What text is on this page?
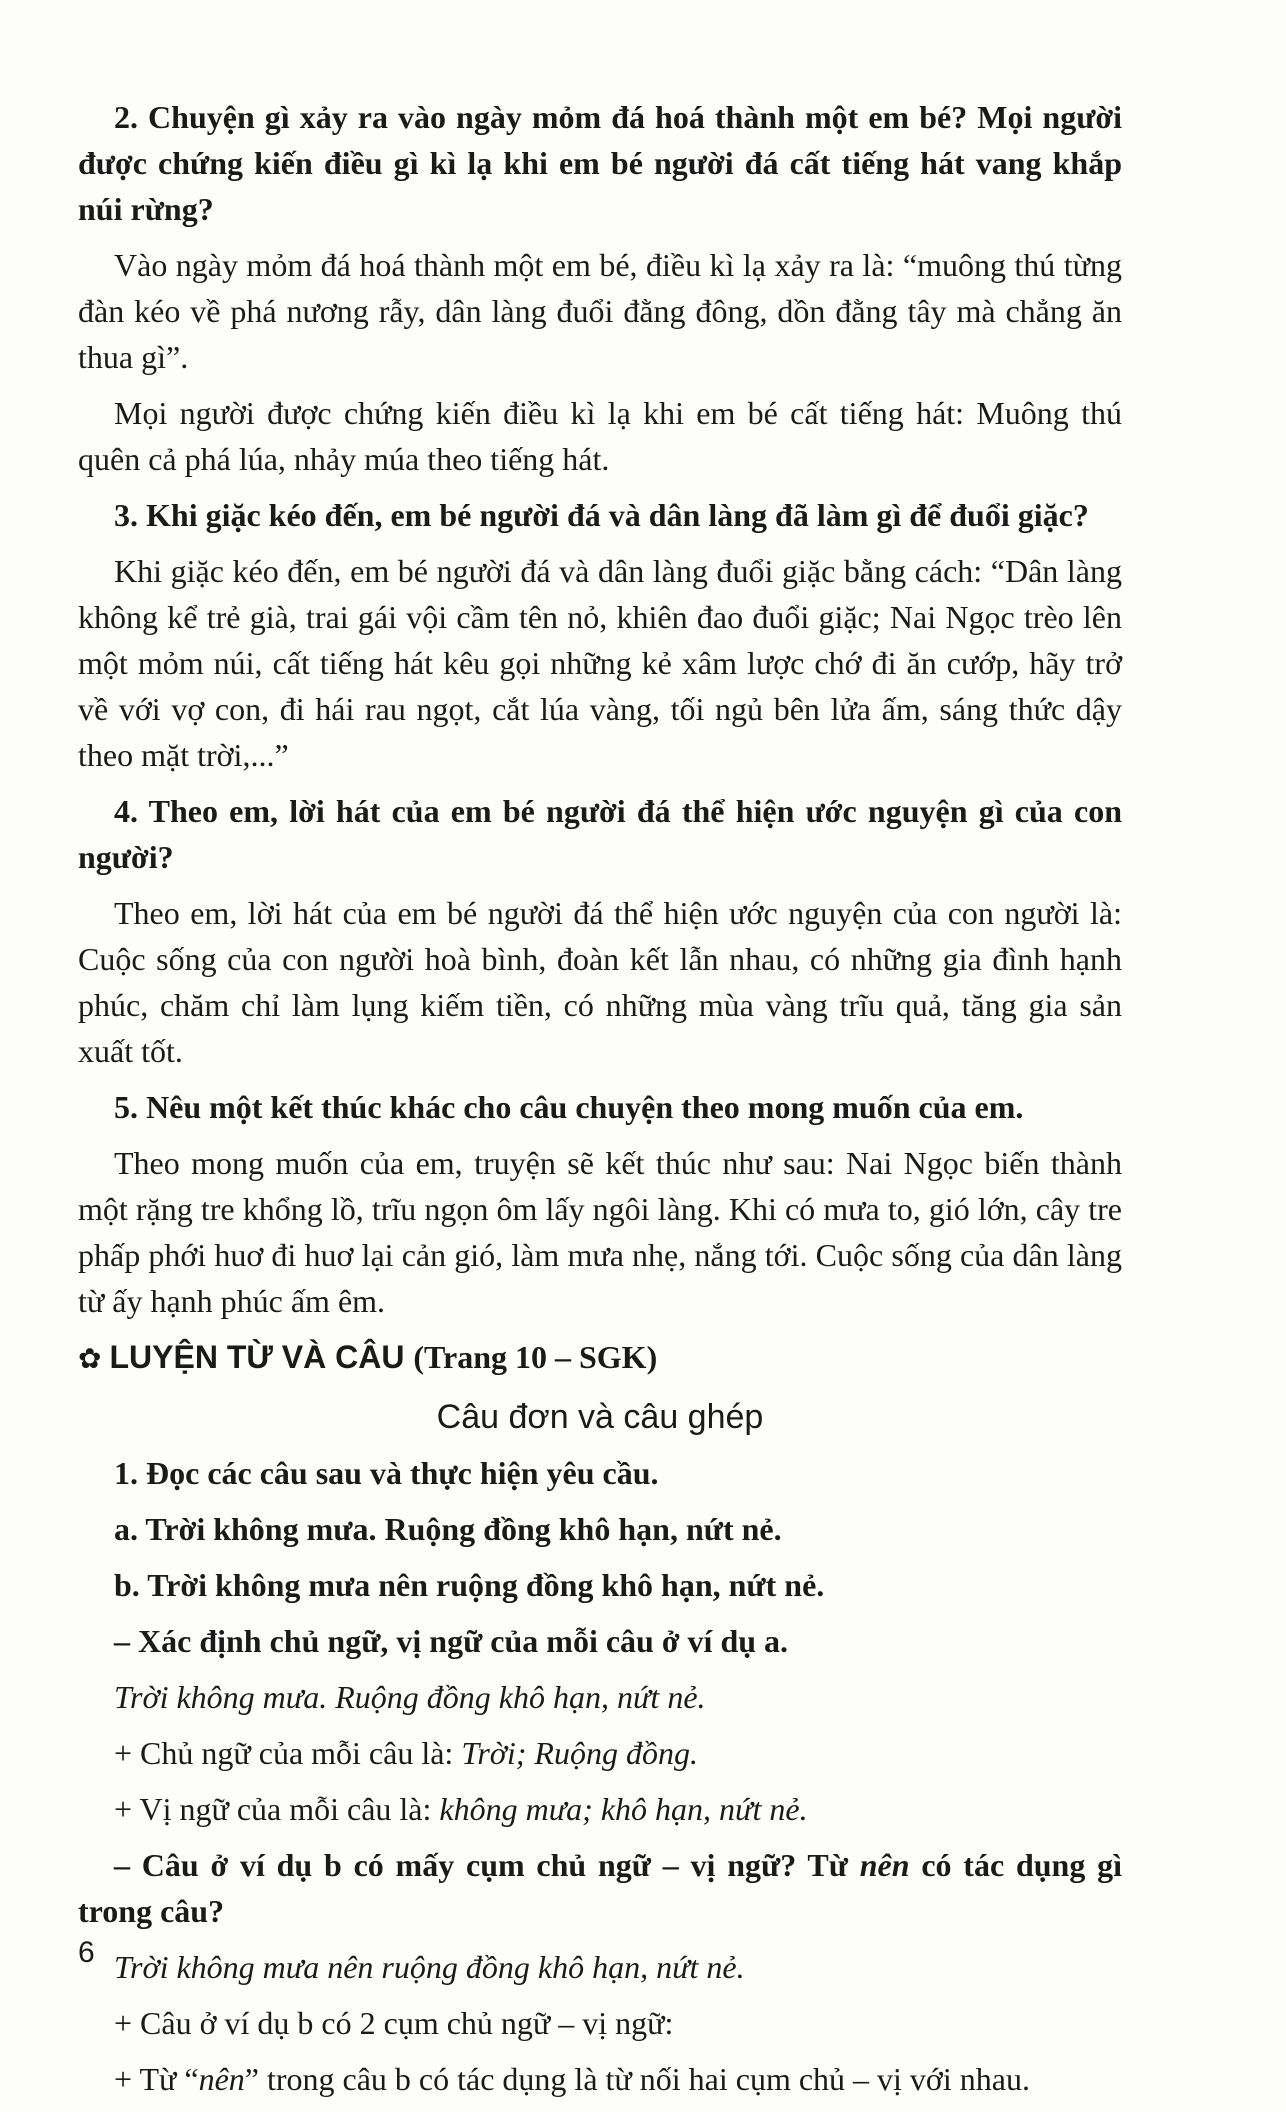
2. Chuyện gì xảy ra vào ngày mỏm đá hoá thành một em bé? Mọi người được chứng kiến điều gì kì lạ khi em bé người đá cất tiếng hát vang khắp núi rừng?

Vào ngày mỏm đá hoá thành một em bé, điều kì lạ xảy ra là: “muông thú từng đàn kéo về phá nương rẫy, dân làng đuổi đằng đông, dồn đằng tây mà chẳng ăn thua gì”.

Mọi người được chứng kiến điều kì lạ khi em bé cất tiếng hát: Muông thú quên cả phá lúa, nhảy múa theo tiếng hát.

3. Khi giặc kéo đến, em bé người đá và dân làng đã làm gì để đuổi giặc?

Khi giặc kéo đến, em bé người đá và dân làng đuổi giặc bằng cách: “Dân làng không kể trẻ già, trai gái vội cầm tên nỏ, khiên đao đuổi giặc; Nai Ngọc trèo lên một mỏm núi, cất tiếng hát kêu gọi những kẻ xâm lược chớ đi ăn cướp, hãy trở về với vợ con, đi hái rau ngọt, cắt lúa vàng, tối ngủ bên lửa ấm, sáng thức dậy theo mặt trời,...”

4. Theo em, lời hát của em bé người đá thể hiện ước nguyện gì của con người?

Theo em, lời hát của em bé người đá thể hiện ước nguyện của con người là: Cuộc sống của con người hoà bình, đoàn kết lẫn nhau, có những gia đình hạnh phúc, chăm chỉ làm lụng kiếm tiền, có những mùa vàng trĩu quả, tăng gia sản xuất tốt.

5. Nêu một kết thúc khác cho câu chuyện theo mong muốn của em.

Theo mong muốn của em, truyện sẽ kết thúc như sau: Nai Ngọc biến thành một rặng tre khổng lồ, trĩu ngọn ôm lấy ngôi làng. Khi có mưa to, gió lớn, cây tre phấp phới huơ đi huơ lại cản gió, làm mưa nhẹ, nắng tới. Cuộc sống của dân làng từ ấy hạnh phúc ấm êm.

✿ LUYỆN TỪ VÀ CÂU (Trang 10 – SGK)

Câu đơn và câu ghép

1. Đọc các câu sau và thực hiện yêu cầu.

a. Trời không mưa. Ruộng đồng khô hạn, nứt nẻ.

b. Trời không mưa nên ruộng đồng khô hạn, nứt nẻ.

– Xác định chủ ngữ, vị ngữ của mỗi câu ở ví dụ a.

Trời không mưa. Ruộng đồng khô hạn, nứt nẻ.

+ Chủ ngữ của mỗi câu là: Trời; Ruộng đồng.

+ Vị ngữ của mỗi câu là: không mưa; khô hạn, nứt nẻ.

– Câu ở ví dụ b có mấy cụm chủ ngữ – vị ngữ? Từ nên có tác dụng gì trong câu?

Trời không mưa nên ruộng đồng khô hạn, nứt nẻ.

+ Câu ở ví dụ b có 2 cụm chủ ngữ – vị ngữ:

+ Từ “nên” trong câu b có tác dụng là từ nối hai cụm chủ – vị với nhau.

6
